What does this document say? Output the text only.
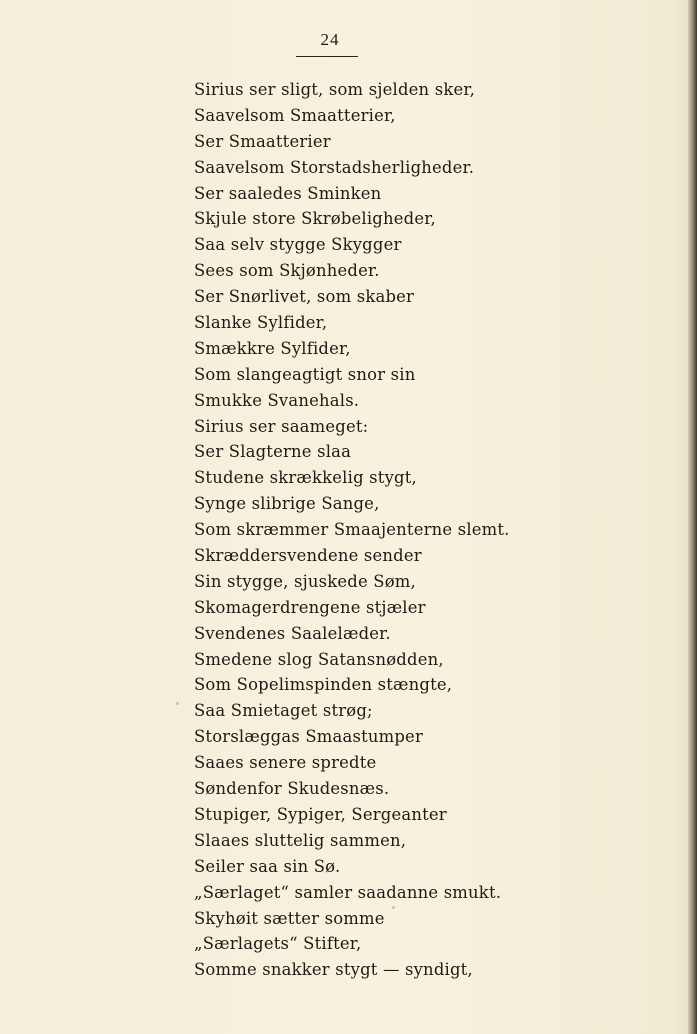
24
Sirius ser sligt, som sjelden sker,
Saavelsom Smaatterier,
Ser Smaatterier
Saavelsom Storstadsherligheder.
Ser saaledes Sminken
Skjule store Skrøbeligheder,
Saa selv stygge Skygger
Sees som Skjønheder.
Ser Snørlivet, som skaber
Slanke Sylfider,
Smækkre Sylfider,
Som slangeagtigt snor sin
Smukke Svanehals.
Sirius ser saameget:
Ser Slagterne slaa
Studene skrækkelig stygt,
Synge slibrige Sange,
Som skræmmer Smaajenterne slemt.
Skræddersvendene sender
Sin stygge, sjuskede Søm,
Skomagerdrengene stjæler
Svendenes Saalelæder.
Smedene slog Satansnødden,
Som Sopelimspinden stængte,
Saa Smietaget strøg;
Storslæggas Smaastumper
Saaes senere spredte
Søndenfor Skudesnæs.
Stupiger, Sypiger, Sergeanter
Slaaes sluttelig sammen,
Seiler saa sin Sø.
„Særlaget“ samler saadanne smukt.
Skyhøit sætter somme
„Særlagets“ Stifter,
Somme snakker stygt — syndigt,
